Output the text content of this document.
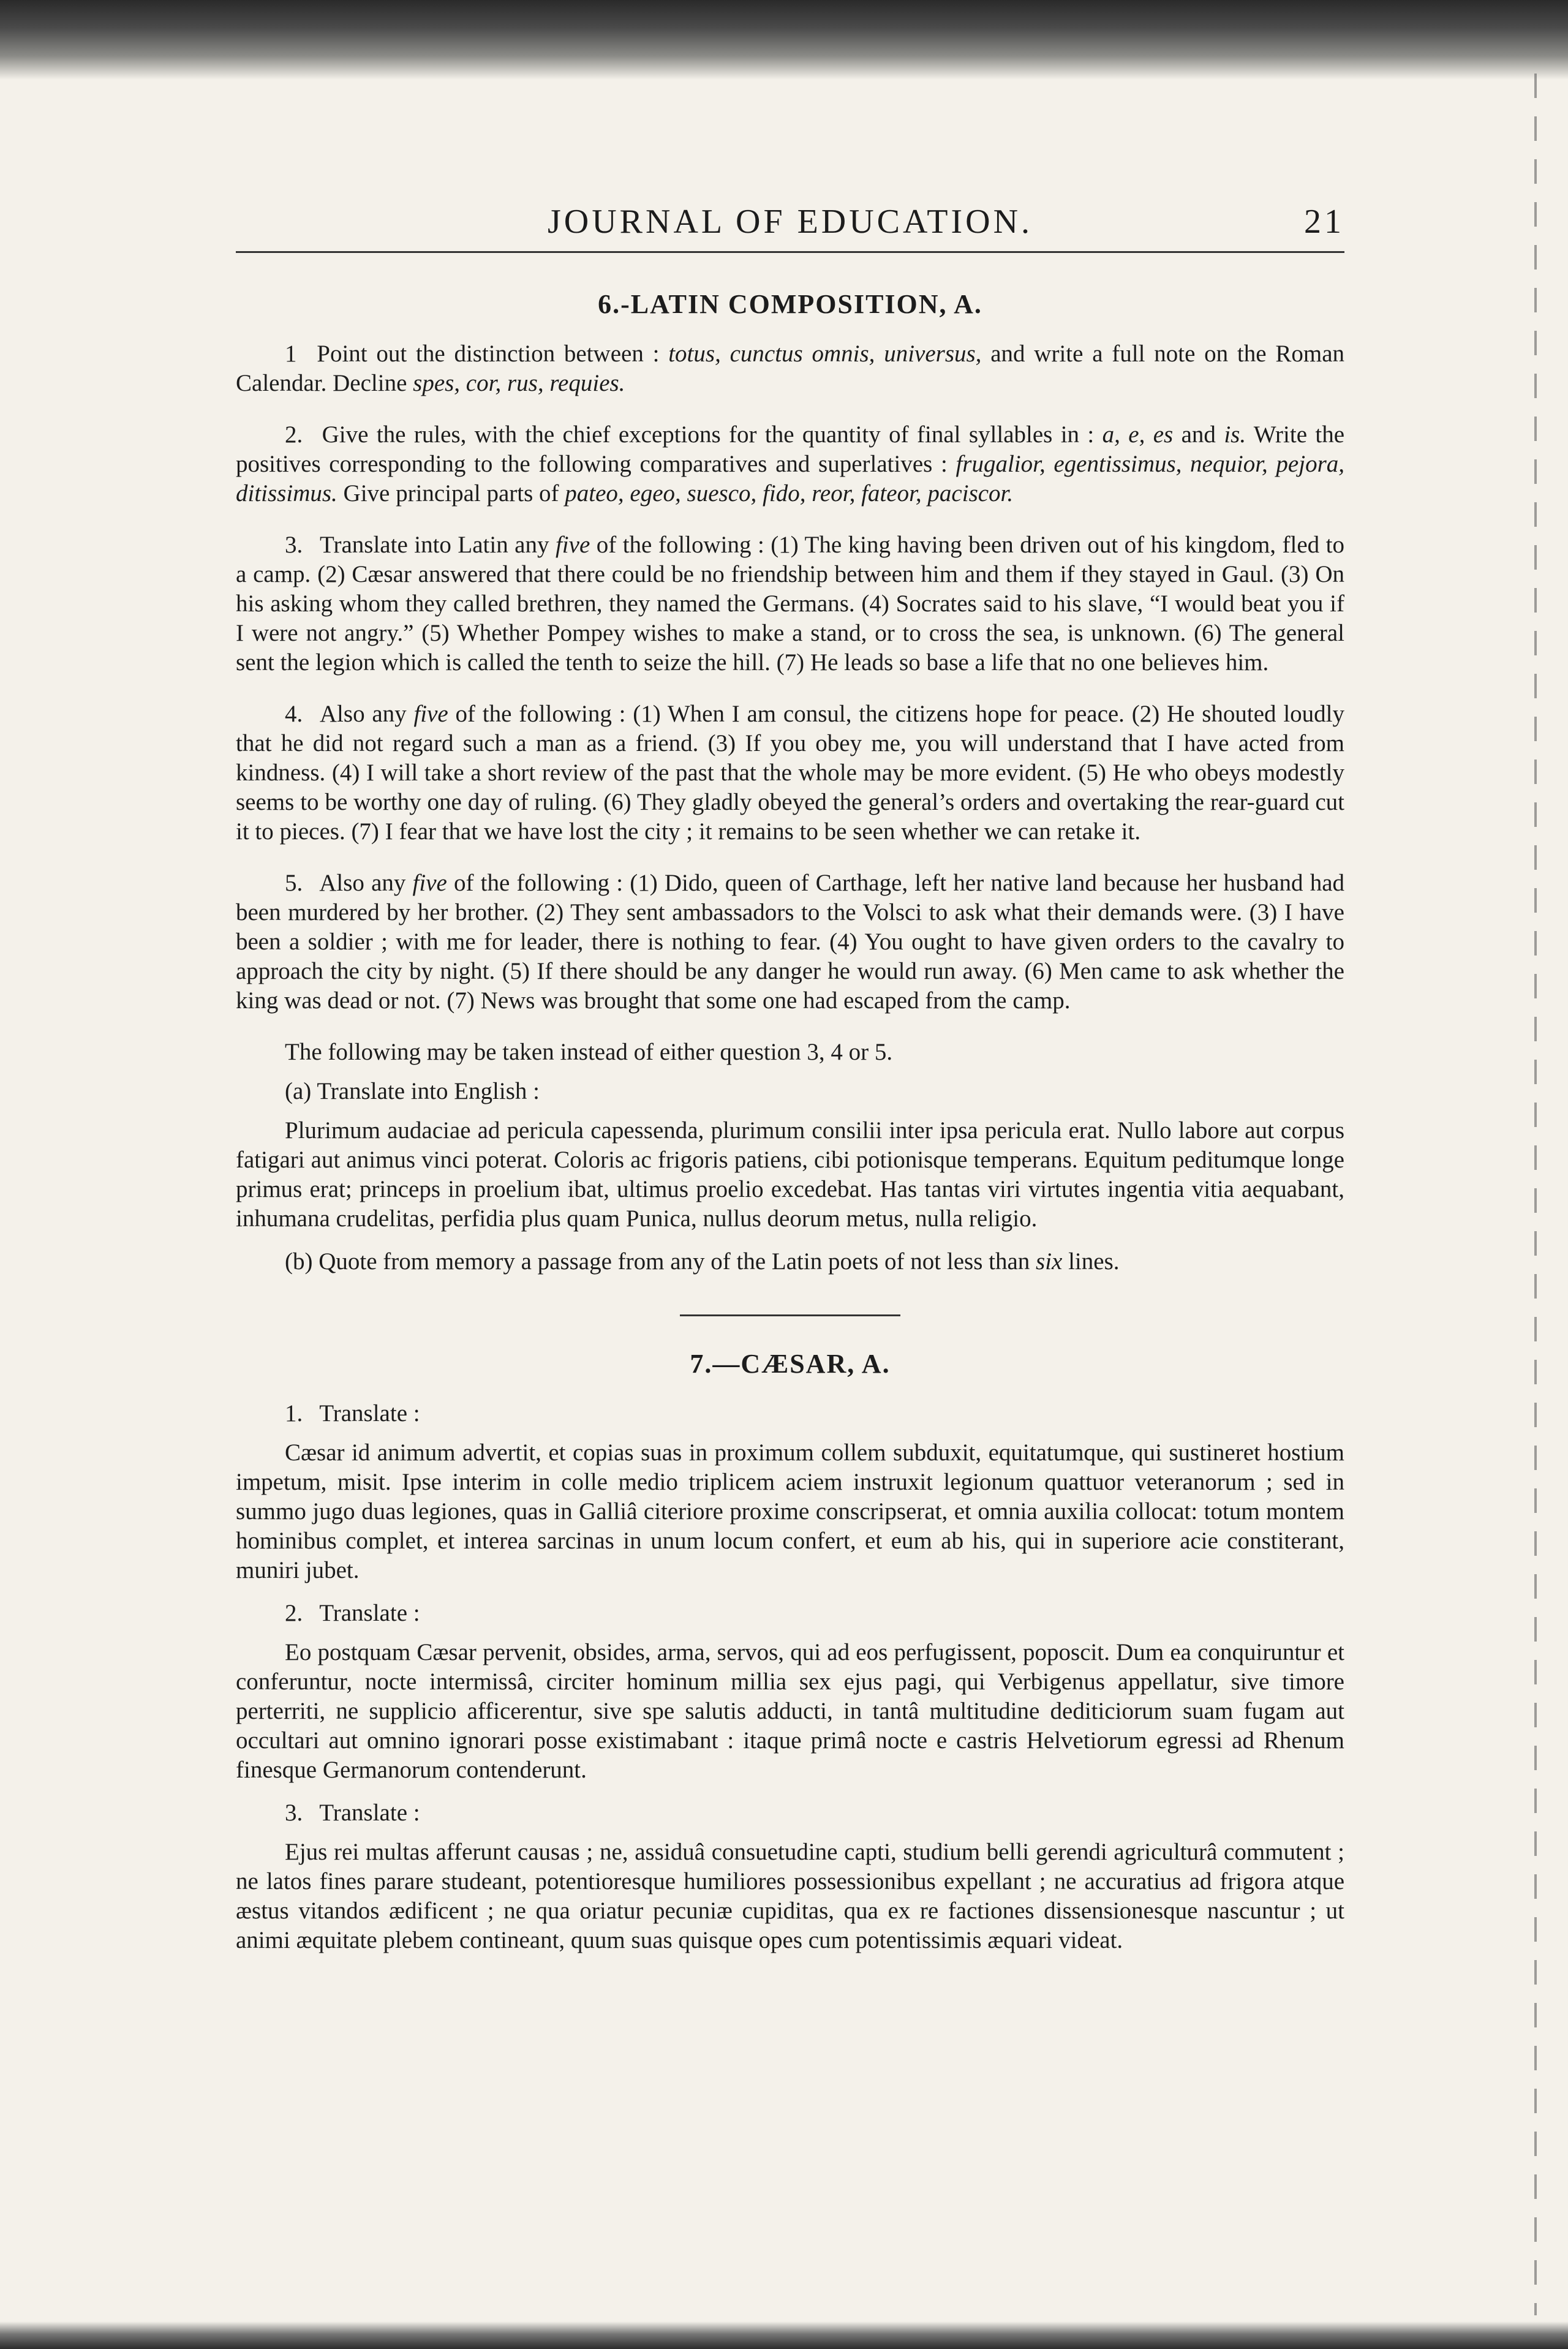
JOURNAL OF EDUCATION.	21
6.-LATIN COMPOSITION, A.

1 Point out the distinction between : totus, cunctus omnis, universus, and write a full note on the Roman Calendar. Decline spes, cor, rus, requies.

2. Give the rules, with the chief exceptions for the quantity of final syllables in : a, e, es and is. Write the positives corresponding to the following comparatives and superlatives : frugalior, egentissimus, nequior, pejora, ditissimus. Give principal parts of pateo, egeo, suesco, fido, reor, fateor, paciscor.

3. Translate into Latin any five of the following : (1) The king having been driven out of his kingdom, fled to a camp. (2) Cæsar answered that there could be no friendship between him and them if they stayed in Gaul. (3) On his asking whom they called brethren, they named the Germans. (4) Socrates said to his slave, “I would beat you if I were not angry.” (5) Whether Pompey wishes to make a stand, or to cross the sea, is unknown. (6) The general sent the legion which is called the tenth to seize the hill. (7) He leads so base a life that no one believes him.

4. Also any five of the following : (1) When I am consul, the citizens hope for peace. (2) He shouted loudly that he did not regard such a man as a friend. (3) If you obey me, you will understand that I have acted from kindness. (4) I will take a short review of the past that the whole may be more evident. (5) He who obeys modestly seems to be worthy one day of ruling. (6) They gladly obeyed the general’s orders and overtaking the rear-guard cut it to pieces. (7) I fear that we have lost the city ; it remains to be seen whether we can retake it.

5. Also any five of the following : (1) Dido, queen of Carthage, left her native land because her husband had been murdered by her brother. (2) They sent ambassadors to the Volsci to ask what their demands were. (3) I have been a soldier ; with me for leader, there is nothing to fear. (4) You ought to have given orders to the cavalry to approach the city by night. (5) If there should be any danger he would run away. (6) Men came to ask whether the king was dead or not. (7) News was brought that some one had escaped from the camp.

The following may be taken instead of either question 3, 4 or 5.

(a) Translate into English :

Plurimum audaciae ad pericula capessenda, plurimum consilii inter ipsa pericula erat. Nullo labore aut corpus fatigari aut animus vinci poterat. Coloris ac frigoris patiens, cibi potionisque temperans. Equitum peditumque longe primus erat; princeps in proelium ibat, ultimus proelio excedebat. Has tantas viri virtutes ingentia vitia aequabant, inhumana crudelitas, perfidia plus quam Punica, nullus deorum metus, nulla religio.

(b) Quote from memory a passage from any of the Latin poets of not less than six lines.

7.—CÆSAR, A.

1. Translate :

Cæsar id animum advertit, et copias suas in proximum collem subduxit, equitatumque, qui sustineret hostium impetum, misit. Ipse interim in colle medio triplicem aciem instruxit legionum quattuor veteranorum ; sed in summo jugo duas legiones, quas in Galliâ citeriore proxime conscripserat, et omnia auxilia collocat: totum montem hominibus complet, et interea sarcinas in unum locum confert, et eum ab his, qui in superiore acie constiterant, muniri jubet.

2. Translate :

Eo postquam Cæsar pervenit, obsides, arma, servos, qui ad eos perfugissent, poposcit. Dum ea conquiruntur et conferuntur, nocte intermissâ, circiter hominum millia sex ejus pagi, qui Verbigenus appellatur, sive timore perterriti, ne supplicio afficerentur, sive spe salutis adducti, in tantâ multitudine dediticiorum suam fugam aut occultari aut omnino ignorari posse existimabant : itaque primâ nocte e castris Helvetiorum egressi ad Rhenum finesque Germanorum contenderunt.

3. Translate :

Ejus rei multas afferunt causas ; ne, assiduâ consuetudine capti, studium belli gerendi agriculturâ commutent ; ne latos fines parare studeant, potentioresque humiliores possessionibus expellant ; ne accuratius ad frigora atque æstus vitandos ædificent ; ne qua oriatur pecuniæ cupiditas, qua ex re factiones dissensionesque nascuntur ; ut animi æquitate plebem contineant, quum suas quisque opes cum potentissimis æquari videat.
